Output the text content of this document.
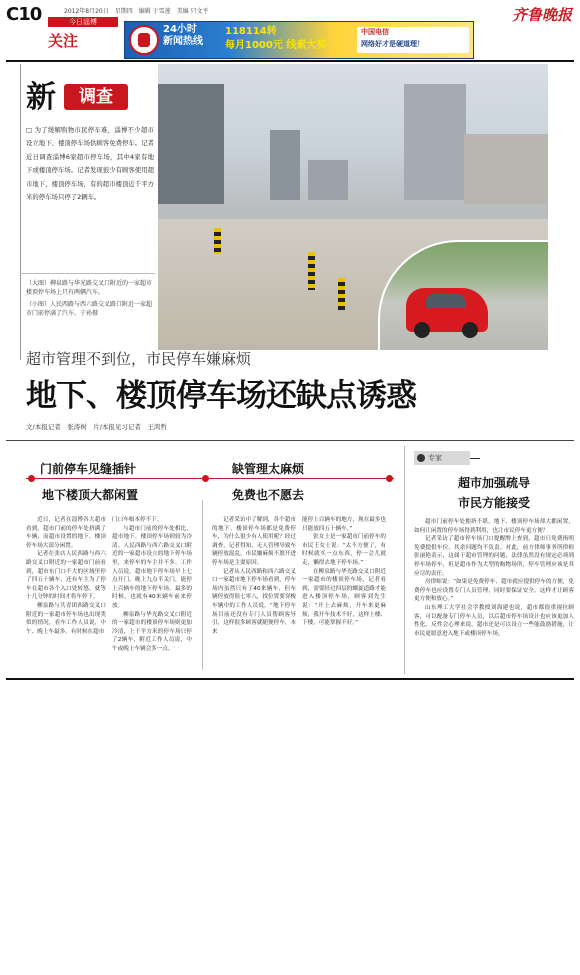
C10	2012年8月20日　星期四　编辑 于雪莲　美编 只文平
今日淄博
关注
齐鲁晚报
24小时
新闻热线
118114转
每月1000元 线索大奖
中国电信
网络好才是硬道理！
新	调查
□ 为了缓解购物市民停车难，淄博不少超市设立地下、楼顶停车场供顾客免费停车。记者近日调查淄博6家超市停车场，其中4家有地下或楼顶停车场。记者发现很少有顾客使用超市地下、楼顶停车场，有的超市楼顶近千平方米的停车场只停了2辆车。

（大图）柳泉路与华光路交叉口附近的一家超市楼顶停车场上只有两辆汽车。

（小图）人民西路与西六路交叉路口附近一家超市门前停满了汽车。于孙摄

超市管理不到位，市民停车嫌麻烦
地下、楼顶停车场还缺点诱惑
文/本报记者　张涛树　片/本报见习记者　王鸿哲
门前停车见缝插针
地下楼顶大都闲置
缺管理太麻烦
免费也不愿去

近日，记者在淄博各大超市看到，超市门前的停车处挤满了车辆，而超市设置的地下、楼顶停车场大部分闲置。

记者在张店人民西路与西六路交叉口附近的一家超市门前看到，超市东门口不大的区域里停了四五十辆车，还有车主为了停车在超市各个入口处转悠，就等十几分钟的时间才将车停下。

柳泉路与共青团西路交叉口附近的一家超市停车场也出现类似的情况。看车工作人员说，中午、晚上车最多，有时候在超市

门口车根本停不下。

与超市门前的停车处相比，超市地下、楼顶停车场则较为冷清。人民西路与西六路交叉口附近的一家超市设立的地下停车场里，来停车的车主并不多。工作人员说，超市地下停车场早上七点开门，晚上九点半关门，能停上百辆车的地下停车场，最多的时候，也就有40来辆车前来停放。

柳泉路与华光路交叉口附近的一家超市的楼顶停车场则更加冷清，上千平方米的停车场只停了2辆车，附近工作人员说，中午或晚上车辆会多一点。

记者采访中了解到，各个超市的地下、楼顶停车场都是免费停车，为什么很少有人使用呢？经过调查，记者得知，无人管理导致车辆停放混乱，市民嫌麻烦不愿开进停车场是主要原因。

记者从人民西路和西六路交叉口一家超市地下停车场看到，停车场内虽然只有了40来辆车，但车辆停放得很七零八，找位置要穿梭车辆中的工作人员说，“地下停车场目前还没有专门人员帮顾客导引，这样很多顾客就随便停车，本来

能停上百辆车的地方，现在最多也只能放四五十辆车。”

张女士是一家超市门前停车的市民王女士说：“太不方便了，有时候就买一点东西，停一会儿就走，懒得去地下停车场。”

在柳泉路与华光路交叉口附近一家超市的楼顶停车场，记者看到，需要经过四层的螺旋道路才能进入楼顶停车场，顾客刘先生说：“开上去麻烦，开车来更麻烦，我开车技术不好，这样上楼、下楼，可能掌握不好。”

专家
超市加强疏导
市民方能接受

超市门前停车处拥挤不堪，地下、楼顶停车场却大都闲置，如何让闲置的停车场得到利用，也让市民停车更方便？

记者采访了超市停车场门口提醒牌上查到，超市只免费指明免费提供车位，其余问题均不负责。对此，前方律师事务所律师张丽艳表示，这属于超市管理的问题，法律虽然没有规定必须到停车场停车，但是超市作为大型的购物场所，停车管理应该是其应尽的责任。

房律师说：“如果是免费停车，超市就应提供停车的方便，免费停车也应设置专门人员管理，同时要保证安全。这样才让顾客更方便和放心。”

山东理工大学社会学教授刘海建也说，超市都很重视拉顾客，可以配备专门停车人员，以后超市停车场设计也应该更加人性化，反性会心理来说，超市还是可以设立一些能鼓励措施，让市民更愿意进入地下或楼顶停车场。
